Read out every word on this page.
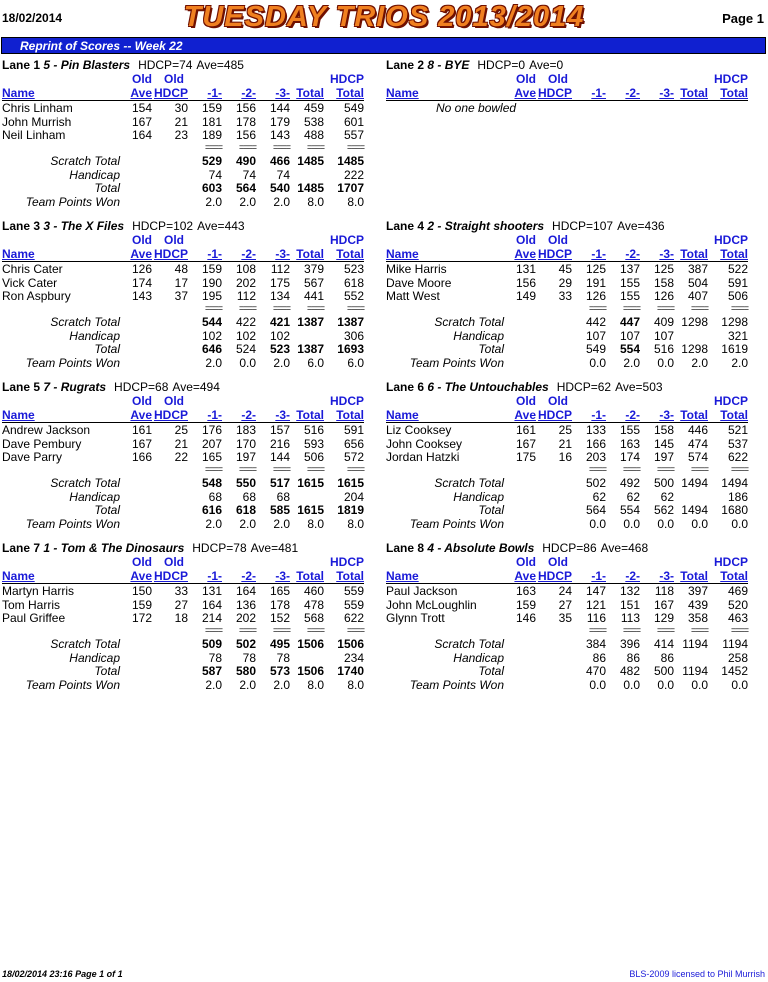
18/02/2014	TUESDAY TRIOS 2013/2014	Page 1
Reprint of Scores -- Week 22
Lane 1 5 - Pin Blasters HDCP=74 Ave=485
Old Old	HDCP
Name	Ave HDCP -1- -2- -3- Total Total
Chris Linham	154 30 159 156 144 459 549
John Murrish	167 21 181 178 179 538 601
Neil Linham	164 23 189 156 143 488 557
==== ==== ==== ====	====
Scratch Total	529 490 466 1485 1485
Handicap	74 74 74	222
Total	603 564 540 1485 1707
Team Points Won	2.0 2.0 2.0 8.0 8.0
Lane 2 8 - BYE HDCP=0 Ave=0
Old Old	HDCP
Name	Ave HDCP -1- -2- -3- Total Total
No one bowled
Lane 3 3 - The X Files HDCP=102 Ave=443
Old Old	HDCP
Name	Ave HDCP -1- -2- -3- Total Total
Chris Cater	126 48 159 108 112 379 523
Vick Cater	174 17 190 202 175 567 618
Ron Aspbury	143 37 195 112 134 441 552
==== ==== ==== ====	====
Scratch Total	544 422 421 1387 1387
Handicap	102 102 102	306
Total	646 524 523 1387 1693
Team Points Won	2.0 0.0 2.0 6.0 6.0
Lane 4 2 - Straight shooters HDCP=107 Ave=436
Old Old	HDCP
Name	Ave HDCP -1- -2- -3- Total Total
Mike Harris	131 45 125 137 125 387 522
Dave Moore	156 29 191 155 158 504 591
Matt West	149 33 126 155 126 407 506
==== ==== ==== ====	====
Scratch Total	442 447 409 1298 1298
Handicap	107 107 107	321
Total	549 554 516 1298 1619
Team Points Won	0.0 2.0 0.0 2.0 2.0
Lane 5 7 - Rugrats HDCP=68 Ave=494
Old Old	HDCP
Name	Ave HDCP -1- -2- -3- Total Total
Andrew Jackson	161 25 176 183 157 516 591
Dave Pembury	167 21 207 170 216 593 656
Dave Parry	166 22 165 197 144 506 572
==== ==== ==== ====	====
Scratch Total	548 550 517 1615 1615
Handicap	68 68 68	204
Total	616 618 585 1615 1819
Team Points Won	2.0 2.0 2.0 8.0 8.0
Lane 6 6 - The Untouchables HDCP=62 Ave=503
Old Old	HDCP
Name	Ave HDCP -1- -2- -3- Total Total
Liz Cooksey	161 25 133 155 158 446 521
John Cooksey	167 21 166 163 145 474 537
Jordan Hatzki	175 16 203 174 197 574 622
==== ==== ==== ====	====
Scratch Total	502 492 500 1494 1494
Handicap	62 62 62	186
Total	564 554 562 1494 1680
Team Points Won	0.0 0.0 0.0 0.0 0.0
Lane 7 1 - Tom & The Dinosaurs HDCP=78 Ave=481
Old Old	HDCP
Name	Ave HDCP -1- -2- -3- Total Total
Martyn Harris	150 33 131 164 165 460 559
Tom Harris	159 27 164 136 178 478 559
Paul Griffee	172 18 214 202 152 568 622
==== ==== ==== ====	====
Scratch Total	509 502 495 1506 1506
Handicap	78 78 78	234
Total	587 580 573 1506 1740
Team Points Won	2.0 2.0 2.0 8.0 8.0
Lane 8 4 - Absolute Bowls HDCP=86 Ave=468
Old Old	HDCP
Name	Ave HDCP -1- -2- -3- Total Total
Paul Jackson	163 24 147 132 118 397 469
John McLoughlin	159 27 121 151 167 439 520
Glynn Trott	146 35 116 113 129 358 463
==== ==== ==== ====	====
Scratch Total	384 396 414 1194 1194
Handicap	86 86 86	258
Total	470 482 500 1194 1452
Team Points Won	0.0 0.0 0.0 0.0 0.0
18/02/2014 23:16 Page 1 of 1	BLS-2009 licensed to Phil Murrish
